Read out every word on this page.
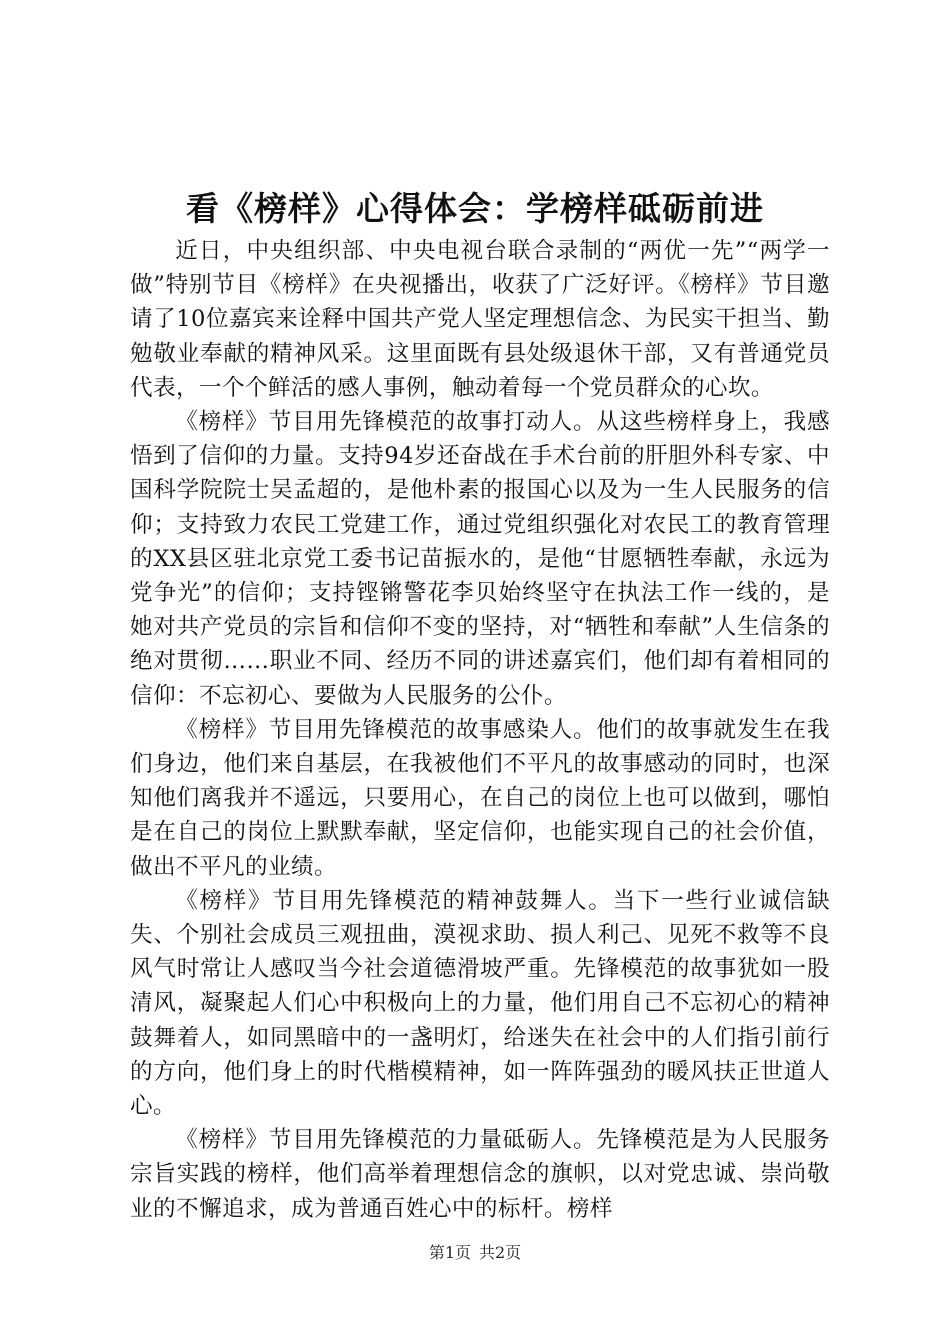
看《榜样》心得体会：学榜样砥砺前进

近日，中央组织部、中央电视台联合录制的“两优一先”“两学一做”特别节目《榜样》在央视播出，收获了广泛好评。《榜样》节目邀请了10位嘉宾来诠释中国共产党人坚定理想信念、为民实干担当、勤勉敬业奉献的精神风采。这里面既有县处级退休干部，又有普通党员代表，一个个鲜活的感人事例，触动着每一个党员群众的心坎。

《榜样》节目用先锋模范的故事打动人。从这些榜样身上，我感悟到了信仰的力量。支持94岁还奋战在手术台前的肝胆外科专家、中国科学院院士吴孟超的，是他朴素的报国心以及为一生人民服务的信仰；支持致力农民工党建工作，通过党组织强化对农民工的教育管理的XX县区驻北京党工委书记苗振水的，是他“甘愿牺牲奉献，永远为党争光”的信仰；支持铿锵警花李贝始终坚守在执法工作一线的，是她对共产党员的宗旨和信仰不变的坚持，对“牺牲和奉献”人生信条的绝对贯彻……职业不同、经历不同的讲述嘉宾们，他们却有着相同的信仰：不忘初心、要做为人民服务的公仆。

《榜样》节目用先锋模范的故事感染人。他们的故事就发生在我们身边，他们来自基层，在我被他们不平凡的故事感动的同时，也深知他们离我并不遥远，只要用心，在自己的岗位上也可以做到，哪怕是在自己的岗位上默默奉献，坚定信仰，也能实现自己的社会价值，做出不平凡的业绩。

《榜样》节目用先锋模范的精神鼓舞人。当下一些行业诚信缺失、个别社会成员三观扭曲，漠视求助、损人利己、见死不救等不良风气时常让人感叹当今社会道德滑坡严重。先锋模范的故事犹如一股清风，凝聚起人们心中积极向上的力量，他们用自己不忘初心的精神鼓舞着人，如同黑暗中的一盏明灯，给迷失在社会中的人们指引前行的方向，他们身上的时代楷模精神，如一阵阵强劲的暖风扶正世道人心。

《榜样》节目用先锋模范的力量砥砺人。先锋模范是为人民服务宗旨实践的榜样，他们高举着理想信念的旗帜，以对党忠诚、崇尚敬业的不懈追求，成为普通百姓心中的标杆。榜样

第1页 共2页
